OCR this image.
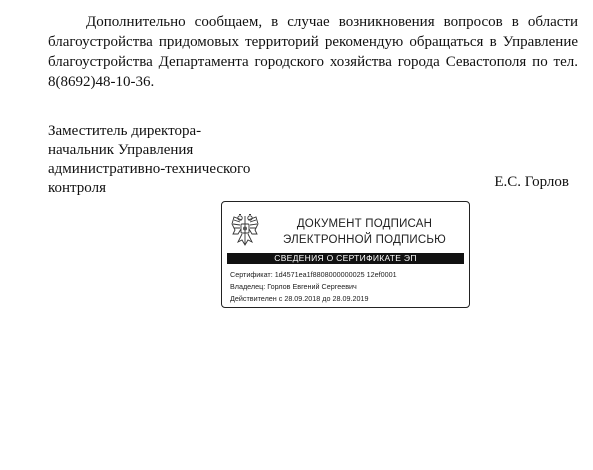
Дополнительно сообщаем, в случае возникновения вопросов в области благоустройства придомовых территорий рекомендую обращаться в Управление благоустройства Департамента городского хозяйства города Севастополя по тел. 8(8692)48-10-36.
Заместитель директора-
начальник Управления
административно-технического
контроля	Е.С. Горлов
ДОКУМЕНТ ПОДПИСАН
ЭЛЕКТРОННОЙ ПОДПИСЬЮ
СВЕДЕНИЯ О СЕРТИФИКАТЕ ЭП
Сертификат: 1d4571ea1f8808000000025 12ef0001
Владелец: Горлов Евгений Сергеевич
Действителен с 28.09.2018 до 28.09.2019
